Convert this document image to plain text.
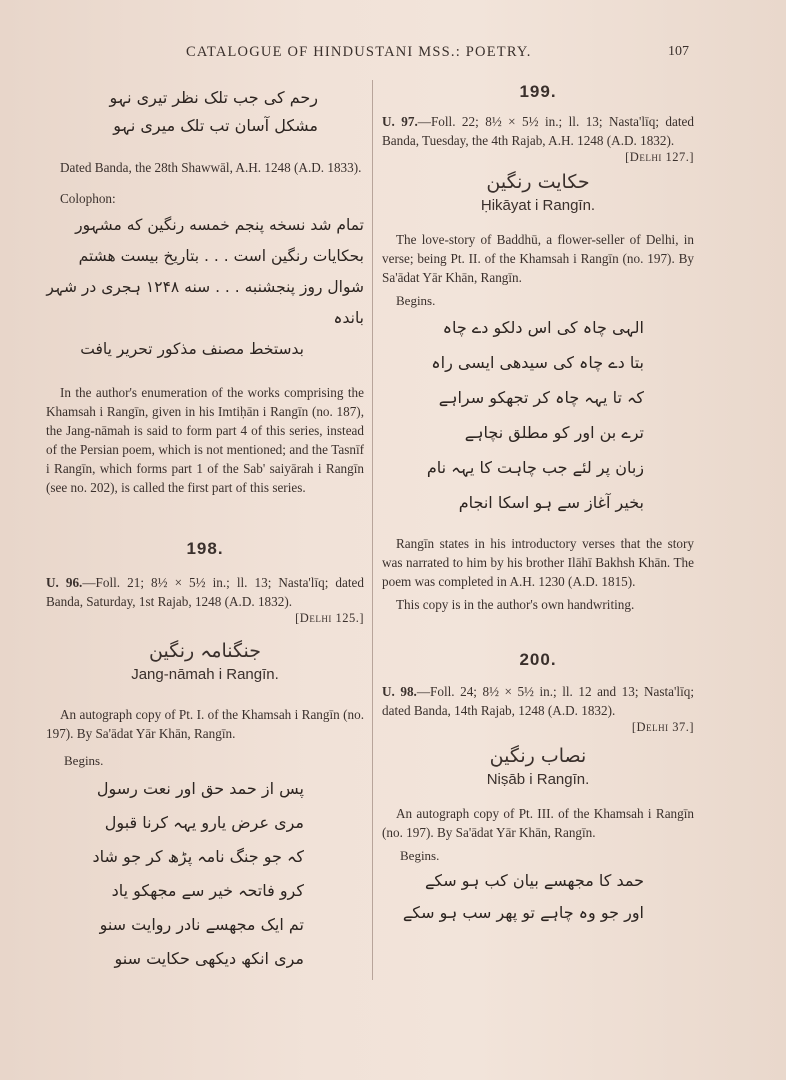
CATALOGUE OF HINDUSTANI MSS.: POETRY.	107
رحم کی جب تلک نظر تیری نہو
مشکل آسان تب تلک میری نہو

Dated Banda, the 28th Shawwāl, A.H. 1248 (A.D. 1833).

Colophon:

تمام شد نسخه پنجم خمسه رنگین که مشہور
بحکایات رنگین است . . . بتاریخ بیست هشتم
شوال روز پنجشنبه . . . سنه ۱۲۴۸ ہجری در شہر باندہ
بدستخط مصنف مذکور تحریر یافت

In the author's enumeration of the works comprising the Khamsah i Rangīn, given in his Imtiḥān i Rangīn (no. 187), the Jang-nāmah is said to form part 4 of this series, instead of the Persian poem, which is not mentioned; and the Tasnīf i Rangīn, which forms part 1 of the Sab' saiyārah i Rangīn (see no. 202), is called the first part of this series.

198.

U. 96.—Foll. 21; 8½ × 5½ in.; ll. 13; Nasta'līq; dated Banda, Saturday, 1st Rajab, 1248 (A.D. 1832).

[Delhi 125.]

جنگنامہ رنگین

Jang-nāmah i Rangīn.

An autograph copy of Pt. I. of the Khamsah i Rangīn (no. 197). By Sa'ādat Yār Khān, Rangīn.

Begins.

پس از حمد حق اور نعت رسول
مری عرض یارو یہہ کرنا قبول
کہ جو جنگ نامہ پڑھ کر جو شاد
کرو فاتحہ خیر سے مجھکو یاد
تم ایک مجھسے نادر روایت سنو
مری انکھ دیکھی حکایت سنو

199.

U. 97.—Foll. 22; 8½ × 5½ in.; ll. 13; Nasta'līq; dated Banda, Tuesday, the 4th Rajab, A.H. 1248 (A.D. 1832).

[Delhi 127.]

حکایت رنگین

Ḥikāyat i Rangīn.

The love-story of Baddhū, a flower-seller of Delhi, in verse; being Pt. II. of the Khamsah i Rangīn (no. 197). By Sa'ādat Yār Khān, Rangīn.

Begins.

الہی چاہ کی اس دلکو دے چاہ
بتا دے چاہ کی سیدھی ایسی راہ
کہ تا یہہ چاہ کر تجھکو سراہے
ترے بن اور کو مطلق نچاہے
زبان پر لئے جب چاہت کا یہہ نام
بخیر آغاز سے ہو اسکا انجام

Rangīn states in his introductory verses that the story was narrated to him by his brother Ilāhī Bakhsh Khān. The poem was completed in A.H. 1230 (A.D. 1815).

This copy is in the author's own handwriting.

200.

U. 98.—Foll. 24; 8½ × 5½ in.; ll. 12 and 13; Nasta'līq; dated Banda, 14th Rajab, 1248 (A.D. 1832).

[Delhi 37.]

نصاب رنگین

Niṣāb i Rangīn.

An autograph copy of Pt. III. of the Khamsah i Rangīn (no. 197). By Sa'ādat Yār Khān, Rangīn.

Begins.

حمد کا مجھسے بیان کب ہو سکے
اور جو وہ چاہے تو پھر سب ہو سکے
